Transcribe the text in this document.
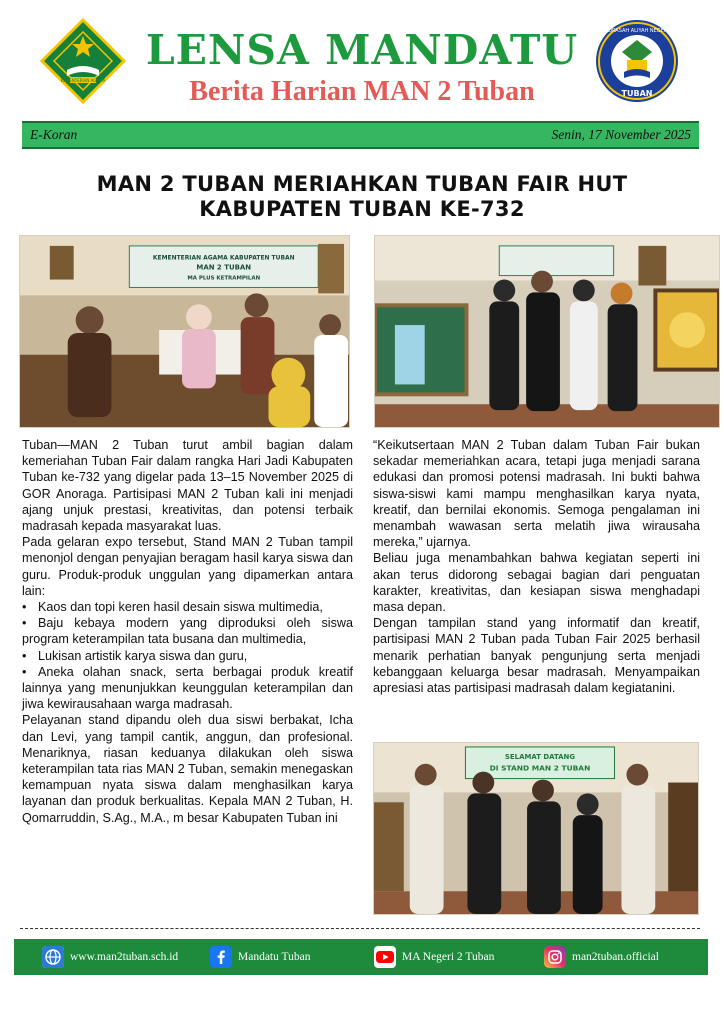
KEMENTERIAN AGAMA
LENSA MANDATU
Berita Harian MAN 2 Tuban
MADRASAH ALIYAH NEGERI 2
TUBAN
E-Koran	Senin, 17 November 2025
MAN 2 TUBAN MERIAHKAN TUBAN FAIR HUT KABUPATEN TUBAN KE-732
KEMENTERIAN AGAMA KABUPATEN TUBAN
MAN 2 TUBAN
MA PLUS KETRAMPILAN

Tuban—MAN 2 Tuban turut ambil bagian dalam kemeriahan Tuban Fair dalam rangka Hari Jadi Kabupaten Tuban ke-732 yang digelar pada 13–15 November 2025 di GOR Anoraga. Partisipasi MAN 2 Tuban kali ini menjadi ajang unjuk prestasi, kreativitas, dan potensi terbaik madrasah kepada masyarakat luas.

Pada gelaran expo tersebut, Stand MAN 2 Tuban tampil menonjol dengan penyajian beragam hasil karya siswa dan guru. Produk-produk unggulan yang dipamerkan antara lain:

• Kaos dan topi keren hasil desain siswa multimedia,
• Baju kebaya modern yang diproduksi oleh siswa program keterampilan tata busana dan multimedia,
• Lukisan artistik karya siswa dan guru,
• Aneka olahan snack, serta berbagai produk kreatif lainnya yang menunjukkan keunggulan keterampilan dan jiwa kewirausahaan warga madrasah.

Pelayanan stand dipandu oleh dua siswi berbakat, Icha dan Levi, yang tampil cantik, anggun, dan profesional. Menariknya, riasan keduanya dilakukan oleh siswa keterampilan tata rias MAN 2 Tuban, semakin menegaskan kemampuan nyata siswa dalam menghasilkan karya layanan dan produk berkualitas. Kepala MAN 2 Tuban, H. Qomarruddin, S.Ag., M.A., m besar Kabupaten Tuban ini

“Keikutsertaan MAN 2 Tuban dalam Tuban Fair bukan sekadar memeriahkan acara, tetapi juga menjadi sarana edukasi dan promosi potensi madrasah. Ini bukti bahwa siswa-siswi kami mampu menghasilkan karya nyata, kreatif, dan bernilai ekonomis. Semoga pengalaman ini menambah wawasan serta melatih jiwa wirausaha mereka,” ujarnya.

Beliau juga menambahkan bahwa kegiatan seperti ini akan terus didorong sebagai bagian dari penguatan karakter, kreativitas, dan kesiapan siswa menghadapi masa depan.

Dengan tampilan stand yang informatif dan kreatif, partisipasi MAN 2 Tuban pada Tuban Fair 2025 berhasil menarik perhatian banyak pengunjung serta menjadi kebanggaan keluarga besar madrasah. Menyampaikan apresiasi atas partisipasi madrasah dalam kegiatanini.

SELAMAT DATANG
DI STAND MAN 2 TUBAN
www.man2tuban.sch.id	Mandatu Tuban	MA Negeri 2 Tuban	man2tuban.official
